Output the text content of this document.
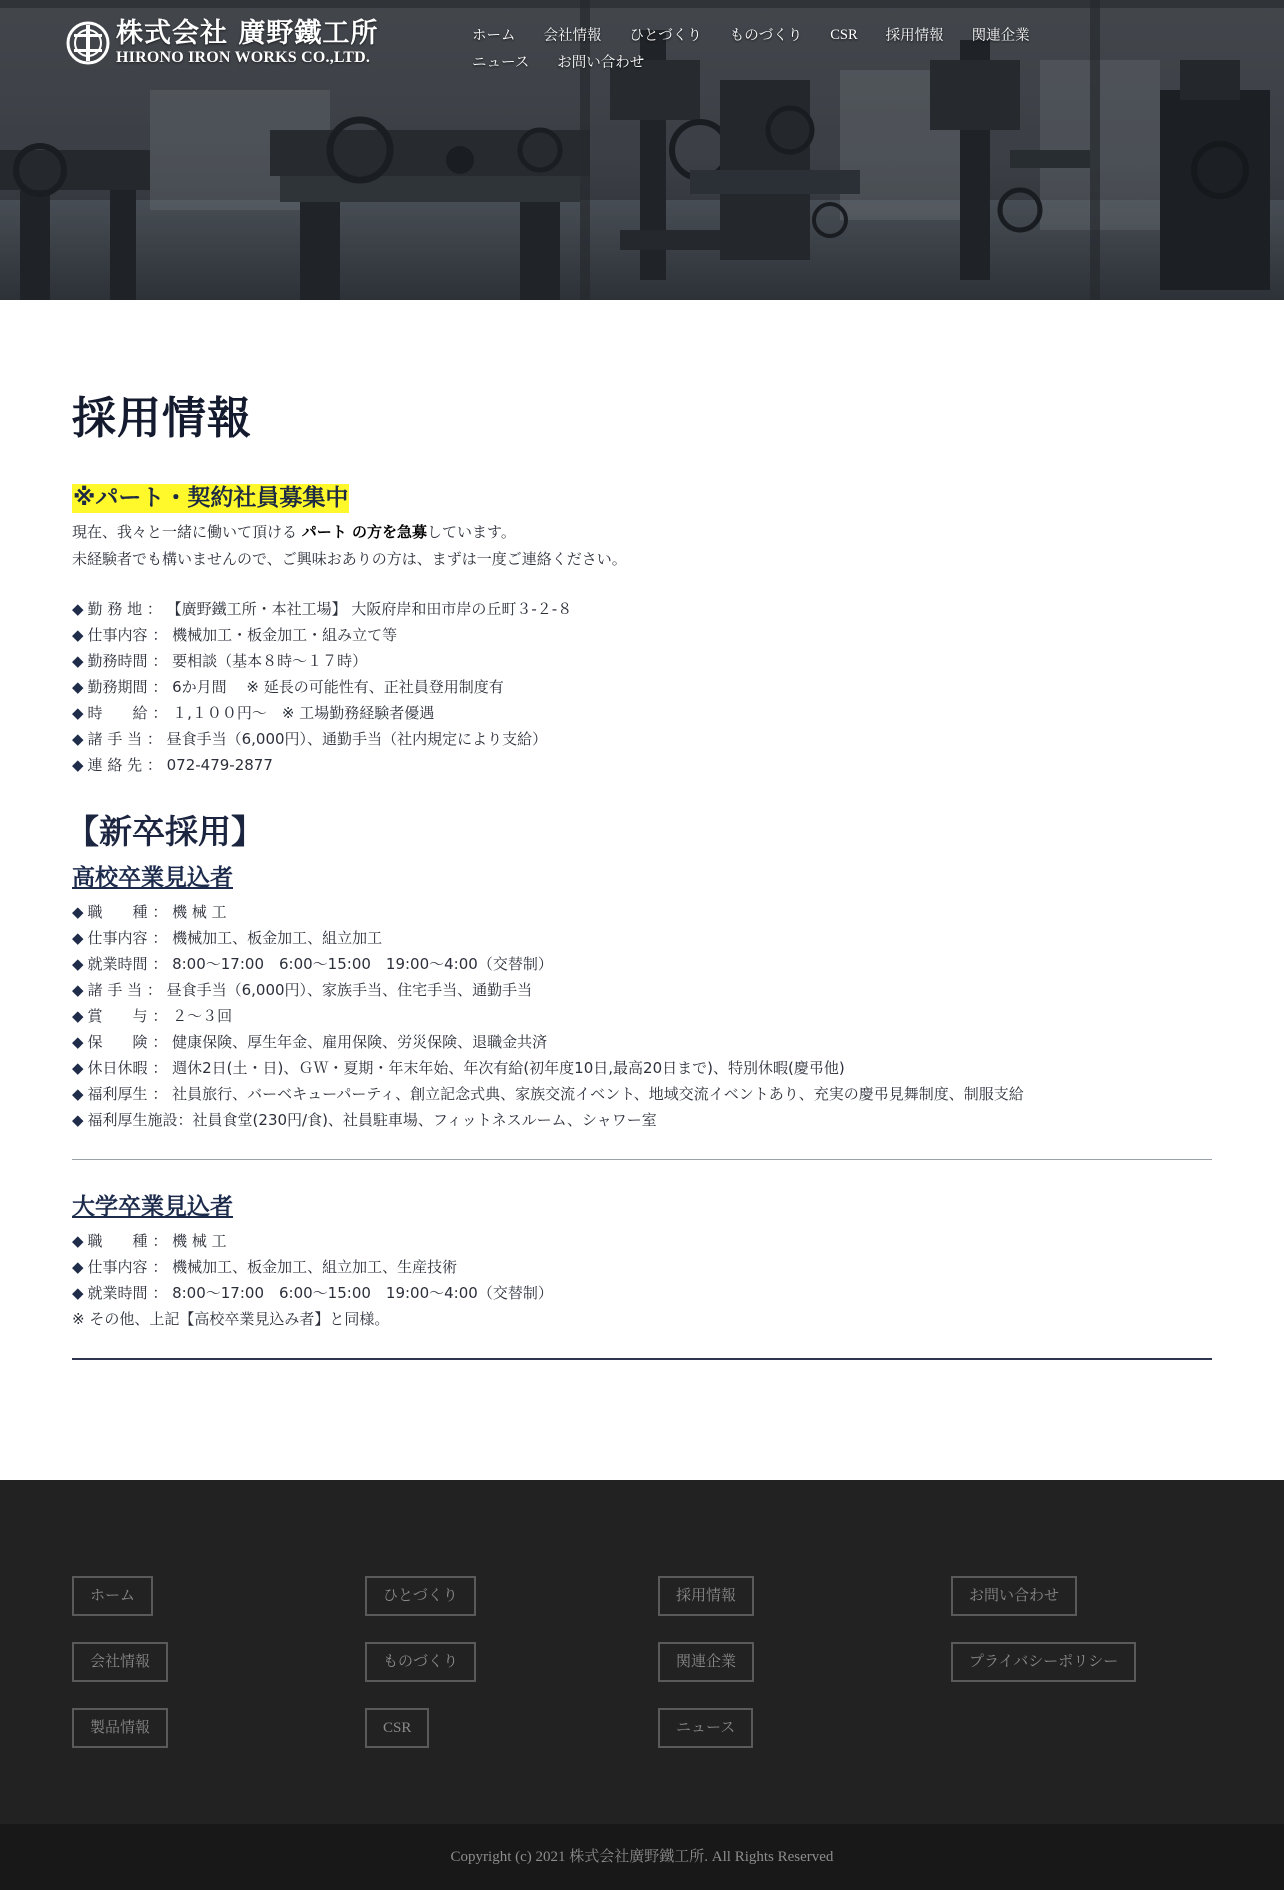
株式会社 廣野鐵工所
HIRONO IRON WORKS CO.,LTD.
ホーム 会社情報 ひとづくり ものづくり CSR 採用情報 関連企業
ニュース お問い合わせ
採用情報
※パート・契約社員募集中

現在、我々と一緒に働いて頂ける パート の方を急募しています。

未経験者でも構いませんので、ご興味おありの方は、まずは一度ご連絡ください。

◆ 勤 務 地 ： 【廣野鐵工所・本社工場】 大阪府岸和田市岸の丘町３-２-８
◆ 仕事内容 ： 機械加工・板金加工・組み立て等
◆ 勤務時間 ： 要相談（基本８時～１７時）
◆ 勤務期間 ： 6か月間　 ※ 延長の可能性有、正社員登用制度有
◆ 時　　給 ： １,１００円～　※ 工場勤務経験者優遇
◆ 諸 手 当 ： 昼食手当（6,000円）、通勤手当（社内規定により支給）
◆ 連 絡 先 ： 072-479-2877
【新卒採用】
高校卒業見込者
◆ 職　　種 ： 機 械 工
◆ 仕事内容 ： 機械加工、板金加工、組立加工
◆ 就業時間 ： 8:00～17:00　6:00～15:00　19:00～4:00（交替制）
◆ 諸 手 当 ： 昼食手当（6,000円）、家族手当、住宅手当、通勤手当
◆ 賞　　与 ： ２～３回
◆ 保　　険 ： 健康保険、厚生年金、雇用保険、労災保険、退職金共済
◆ 休日休暇 ： 週休2日(土・日)、ＧＷ・夏期・年末年始、年次有給(初年度10日,最高20日まで)、特別休暇(慶弔他)
◆ 福利厚生 ： 社員旅行、バーベキューパーティ、創立記念式典、家族交流イベント、地域交流イベントあり、充実の慶弔見舞制度、制服支給
◆ 福利厚生施設：社員食堂(230円/食)、社員駐車場、フィットネスルーム、シャワー室
大学卒業見込者
◆ 職　　種 ： 機 械 工
◆ 仕事内容 ： 機械加工、板金加工、組立加工、生産技術
◆ 就業時間 ： 8:00～17:00　6:00～15:00　19:00～4:00（交替制）

※ その他、上記【高校卒業見込み者】と同様。

ホーム	ひとづくり	採用情報	お問い合わせ
会社情報	ものづくり	関連企業	プライバシーポリシー
製品情報	CSR	ニュース
Copyright (c) 2021 株式会社廣野鐵工所. All Rights Reserved
